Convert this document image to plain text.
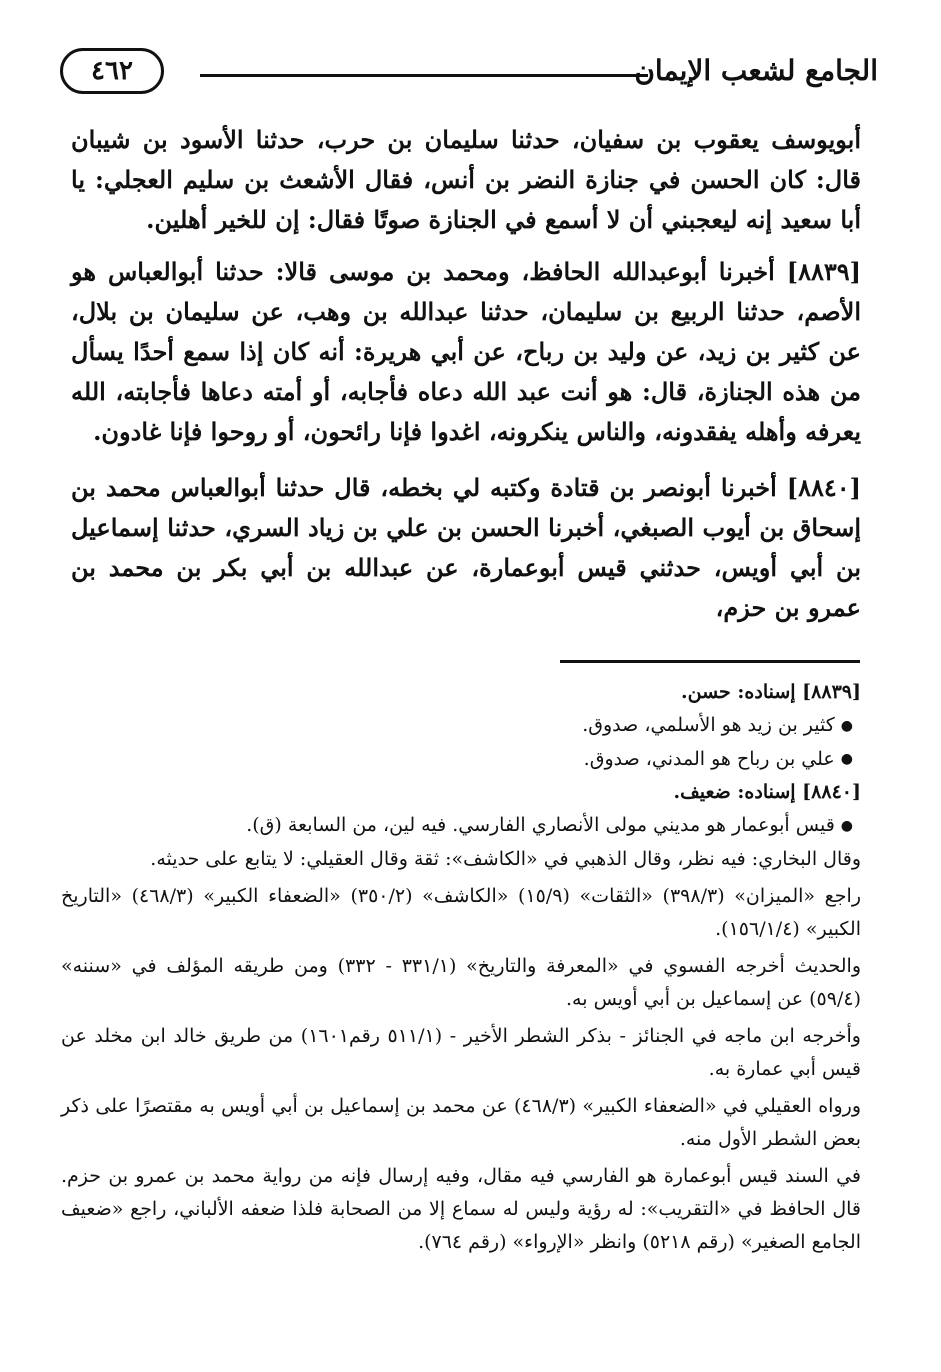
الجامع لشعب الإيمان
٤٦٢

أبويوسف يعقوب بن سفيان، حدثنا سليمان بن حرب، حدثنا الأسود بن شيبان قال: كان الحسن في جنازة النضر بن أنس، فقال الأشعث بن سليم العجلي: يا أبا سعيد إنه ليعجبني أن لا أسمع في الجنازة صوتًا فقال: إن للخير أهلين.

[٨٨٣٩] أخبرنا أبوعبدالله الحافظ، ومحمد بن موسى قالا: حدثنا أبوالعباس هو الأصم، حدثنا الربيع بن سليمان، حدثنا عبدالله بن وهب، عن سليمان بن بلال، عن كثير بن زيد، عن وليد بن رباح، عن أبي هريرة: أنه كان إذا سمع أحدًا يسأل من هذه الجنازة، قال: هو أنت عبد الله دعاه فأجابه، أو أمته دعاها فأجابته، الله يعرفه وأهله يفقدونه، والناس ينكرونه، اغدوا فإنا رائحون، أو روحوا فإنا غادون.

[٨٨٤٠] أخبرنا أبونصر بن قتادة وكتبه لي بخطه، قال حدثنا أبوالعباس محمد بن إسحاق بن أيوب الصبغي، أخبرنا الحسن بن علي بن زياد السري، حدثنا إسماعيل بن أبي أويس، حدثني قيس أبوعمارة، عن عبدالله بن أبي بكر بن محمد بن عمرو بن حزم،

[٨٨٣٩] إسناده: حسن.

●كثير بن زيد هو الأسلمي، صدوق.

●علي بن رباح هو المدني، صدوق.

[٨٨٤٠] إسناده: ضعيف.

●قيس أبوعمار هو مديني مولى الأنصاري الفارسي. فيه لين، من السابعة (ق).

وقال البخاري: فيه نظر، وقال الذهبي في «الكاشف»: ثقة وقال العقيلي: لا يتابع على حديثه.

راجع «الميزان» (٣٩٨/٣) «الثقات» (١٥/٩) «الكاشف» (٣٥٠/٢) «الضعفاء الكبير» (٤٦٨/٣) «التاريخ الكبير» (١٥٦/١/٤).

والحديث أخرجه الفسوي في «المعرفة والتاريخ» (٣٣١/١ - ٣٣٢) ومن طريقه المؤلف في «سننه» (٥٩/٤) عن إسماعيل بن أبي أويس به.

وأخرجه ابن ماجه في الجنائز - بذكر الشطر الأخير - (٥١١/١ رقم١٦٠١) من طريق خالد ابن مخلد عن قيس أبي عمارة به.

ورواه العقيلي في «الضعفاء الكبير» (٤٦٨/٣) عن محمد بن إسماعيل بن أبي أويس به مقتصرًا على ذكر بعض الشطر الأول منه.

في السند قيس أبوعمارة هو الفارسي فيه مقال، وفيه إرسال فإنه من رواية محمد بن عمرو بن حزم. قال الحافظ في «التقريب»: له رؤية وليس له سماع إلا من الصحابة فلذا ضعفه الألباني، راجع «ضعيف الجامع الصغير» (رقم ٥٢١٨) وانظر «الإرواء» (رقم ٧٦٤).
